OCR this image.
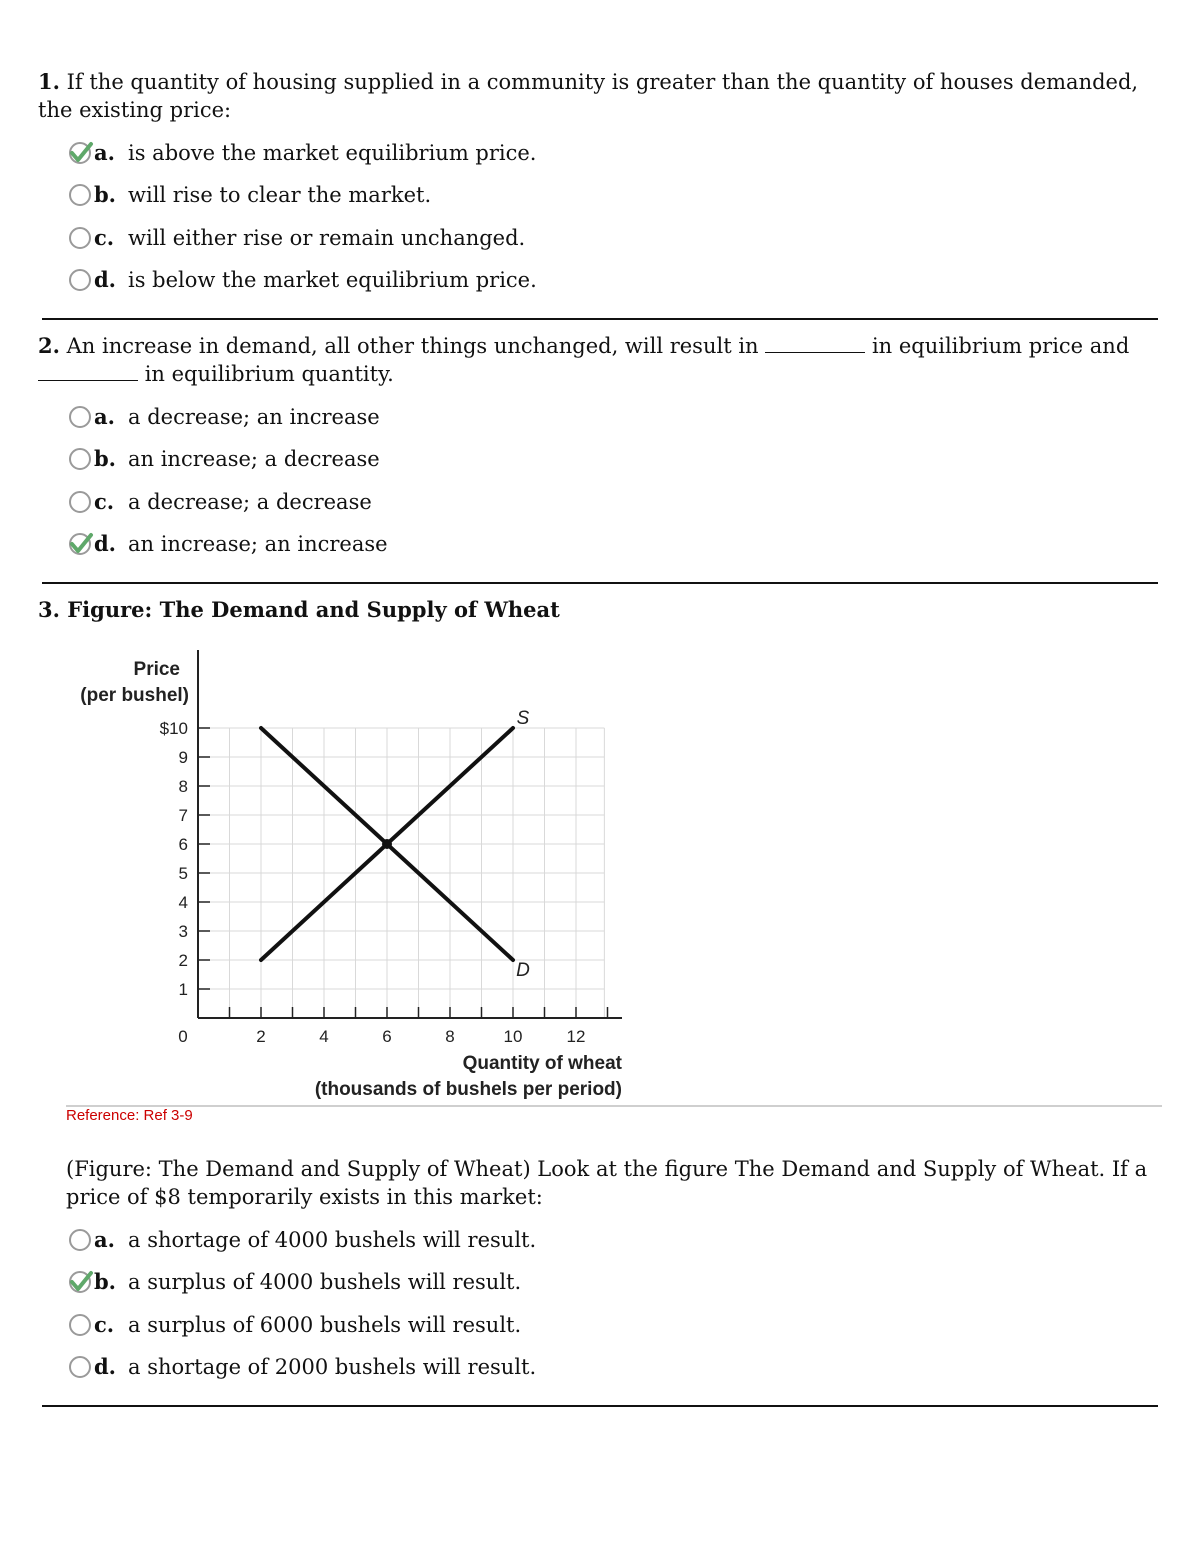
1. If the quantity of housing supplied in a community is greater than the quantity of houses demanded, the existing price:

a. is above the market equilibrium price.
b. will rise to clear the market.
c. will either rise or remain unchanged.
d. is below the market equilibrium price.

2. An increase in demand, all other things unchanged, will result in	in equilibrium price and
in equilibrium quantity.

a. a decrease; an increase
b. an increase; a decrease
c. a decrease; a decrease
d. an increase; an increase

3. Figure: The Demand and Supply of Wheat

2	4	6	8	10	12
1
2
3
4
5
6
7
8
9
$10	S
D
Price
(per bushel)
Quantity of wheat
(thousands of bushels per period)
0
Reference: Ref 3-9

(Figure: The Demand and Supply of Wheat) Look at the figure The Demand and Supply of Wheat. If a price of $8 temporarily exists in this market:

a. a shortage of 4000 bushels will result.
b. a surplus of 4000 bushels will result.
c. a surplus of 6000 bushels will result.
d. a shortage of 2000 bushels will result.
